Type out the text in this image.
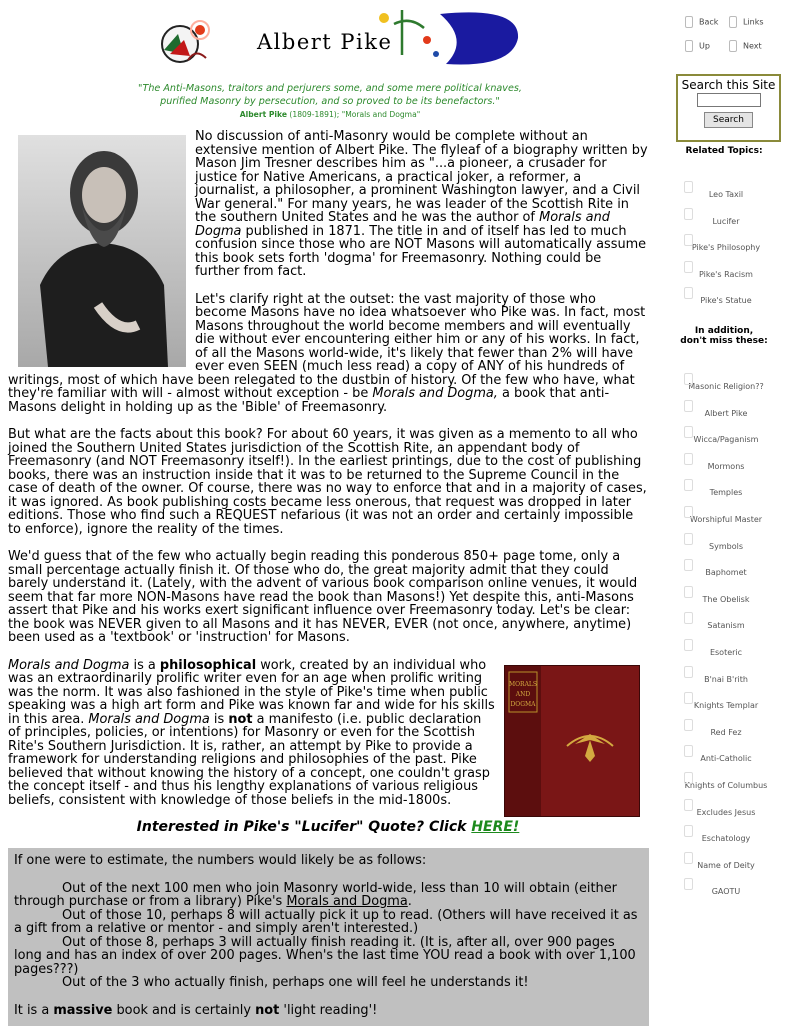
Albert Pike
"The Anti-Masons, traitors and perjurers some, and some mere political knaves,
purified Masonry by persecution, and so proved to be its benefactors."
Albert Pike (1809-1891); "Morals and Dogma"

No discussion of anti-Masonry would be complete without an extensive mention of Albert Pike. The flyleaf of a biography written by Mason Jim Tresner describes him as "...a pioneer, a crusader for justice for Native Americans, a practical joker, a reformer, a journalist, a philosopher, a prominent Washington lawyer, and a Civil War general." For many years, he was leader of the Scottish Rite in the southern United States and he was the author of Morals and Dogma published in 1871. The title in and of itself has led to much confusion since those who are NOT Masons will automatically assume this book sets forth 'dogma' for Freemasonry. Nothing could be further from fact.

Let's clarify right at the outset: the vast majority of those who become Masons have no idea whatsoever who Pike was. In fact, most Masons throughout the world become members and will eventually die without ever encountering either him or any of his works. In fact, of all the Masons world-wide, it's likely that fewer than 2% will have ever even SEEN (much less read) a copy of ANY of his hundreds of writings, most of which have been relegated to the dustbin of history. Of the few who have, what they're familiar with will - almost without exception - be Morals and Dogma, a book that anti-Masons delight in holding up as the 'Bible' of Freemasonry.

But what are the facts about this book? For about 60 years, it was given as a memento to all who joined the Southern United States jurisdiction of the Scottish Rite, an appendant body of Freemasonry (and NOT Freemasonry itself!). In the earliest printings, due to the cost of publishing books, there was an instruction inside that it was to be returned to the Supreme Council in the case of death of the owner. Of course, there was no way to enforce that and in a majority of cases, it was ignored. As book publishing costs became less onerous, that request was dropped in later editions. Those who find such a REQUEST nefarious (it was not an order and certainly impossible to enforce), ignore the reality of the times.

We'd guess that of the few who actually begin reading this ponderous 850+ page tome, only a small percentage actually finish it. Of those who do, the great majority admit that they could barely understand it. (Lately, with the advent of various book comparison online venues, it would seem that far more NON-Masons have read the book than Masons!) Yet despite this, anti-Masons assert that Pike and his works exert significant influence over Freemasonry today. Let's be clear: the book was NEVER given to all Masons and it has NEVER, EVER (not once, anywhere, anytime) been used as a 'textbook' or 'instruction' for Masons.

MORALS
AND
DOGMA

Morals and Dogma is a philosophical work, created by an individual who was an extraordinarily prolific writer even for an age when prolific writing was the norm. It was also fashioned in the style of Pike's time when public speaking was a high art form and Pike was known far and wide for his skills in this area. Morals and Dogma is not a manifesto (i.e. public declaration of principles, policies, or intentions) for Masonry or even for the Scottish Rite's Southern Jurisdiction. It is, rather, an attempt by Pike to provide a framework for understanding religions and philosophies of the past. Pike believed that without knowing the history of a concept, one couldn't grasp the concept itself - and thus his lengthy explanations of various religious beliefs, consistent with knowledge of those beliefs in the mid-1800s.

Interested in Pike's "Lucifer" Quote? Click HERE!

If one were to estimate, the numbers would likely be as follows:

Out of the next 100 men who join Masonry world-wide, less than 10 will obtain (either through purchase or from a library) Pike's Morals and Dogma.

Out of those 10, perhaps 8 will actually pick it up to read. (Others will have received it as a gift from a relative or mentor - and simply aren't interested.)

Out of those 8, perhaps 3 will actually finish reading it. (It is, after all, over 900 pages long and has an index of over 200 pages. When's the last time YOU read a book with over 1,100 pages???)

Out of the 3 who actually finish, perhaps one will feel he understands it!

It is a massive book and is certainly not 'light reading'!

Back	Links
Up	Next
Search this Site
Search
Related Topics:
Leo Taxil
Lucifer
Pike's Philosophy
Pike's Racism
Pike's Statue
In addition,
don't miss these:
Masonic Religion??
Albert Pike
Wicca/Paganism
Mormons
Temples
Worshipful Master
Symbols
Baphomet
The Obelisk
Satanism
Esoteric
B'nai B'rith
Knights Templar
Red Fez
Anti-Catholic
Knights of Columbus
Excludes Jesus
Eschatology
Name of Deity
GAOTU
